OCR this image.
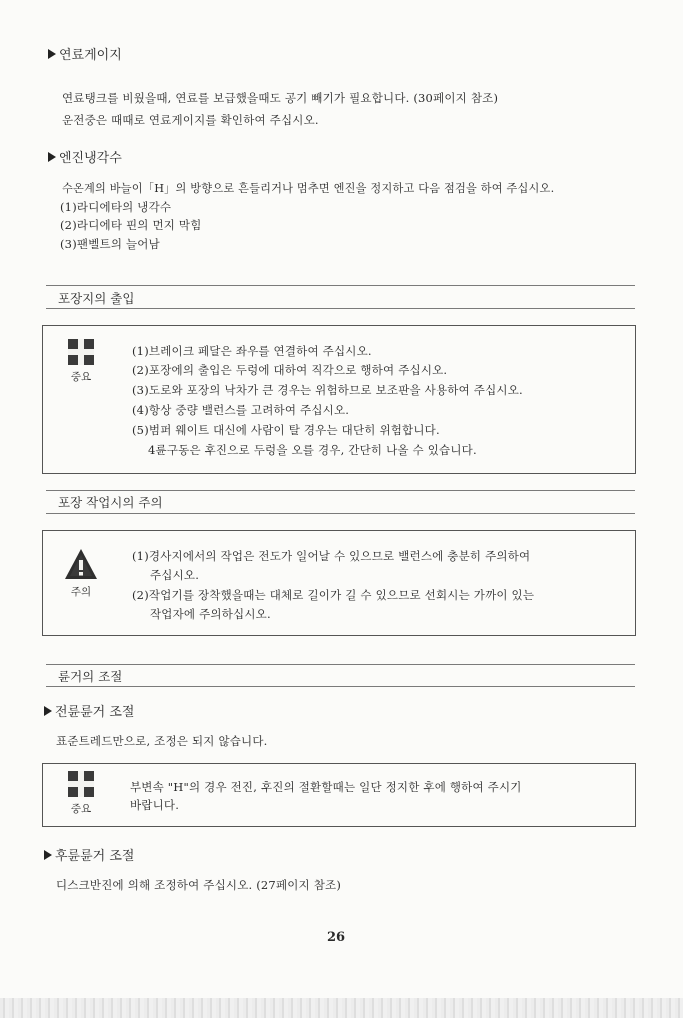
연료게이지
연료탱크를 비웠을때, 연료를 보급했을때도 공기 빼기가 필요합니다. (30페이지 참조)
운전중은 때때로 연료게이지를 확인하여 주십시오.
엔진냉각수
수온계의 바늘이「H」의 방향으로 흔들리거나 멈추면 엔진을 정지하고 다음 점검을 하여 주십시오.
(1)라디에타의 냉각수
(2)라디에타 핀의 먼지 막힘
(3)팬벨트의 늘어남
포장지의 출입
중요
(1)브레이크 페달은 좌우를 연결하여 주십시오.
(2)포장에의 출입은 두렁에 대하여 직각으로 행하여 주십시오.
(3)도로와 포장의 낙차가 큰 경우는 위험하므로 보조판을 사용하여 주십시오.
(4)항상 중량 밸런스를 고려하여 주십시오.
(5)범퍼 웨이트 대신에 사람이 탈 경우는 대단히 위험합니다.
4륜구동은 후진으로 두렁을 오를 경우, 간단히 나올 수 있습니다.
포장 작업시의 주의
주의
(1)경사지에서의 작업은 전도가 일어날 수 있으므로 밸런스에 충분히 주의하여
주십시오.
(2)작업기를 장착했을때는 대체로 길이가 길 수 있으므로 선회시는 가까이 있는
작업자에 주의하십시오.
륜거의 조절
전륜륜거 조절
표준트레드만으로, 조정은 되지 않습니다.
중요
부변속 "H"의 경우 전진, 후진의 절환할때는 일단 정지한 후에 행하여 주시기
바랍니다.
후륜륜거 조절
디스크반진에 의해 조정하여 주십시오. (27페이지 참조)
26
